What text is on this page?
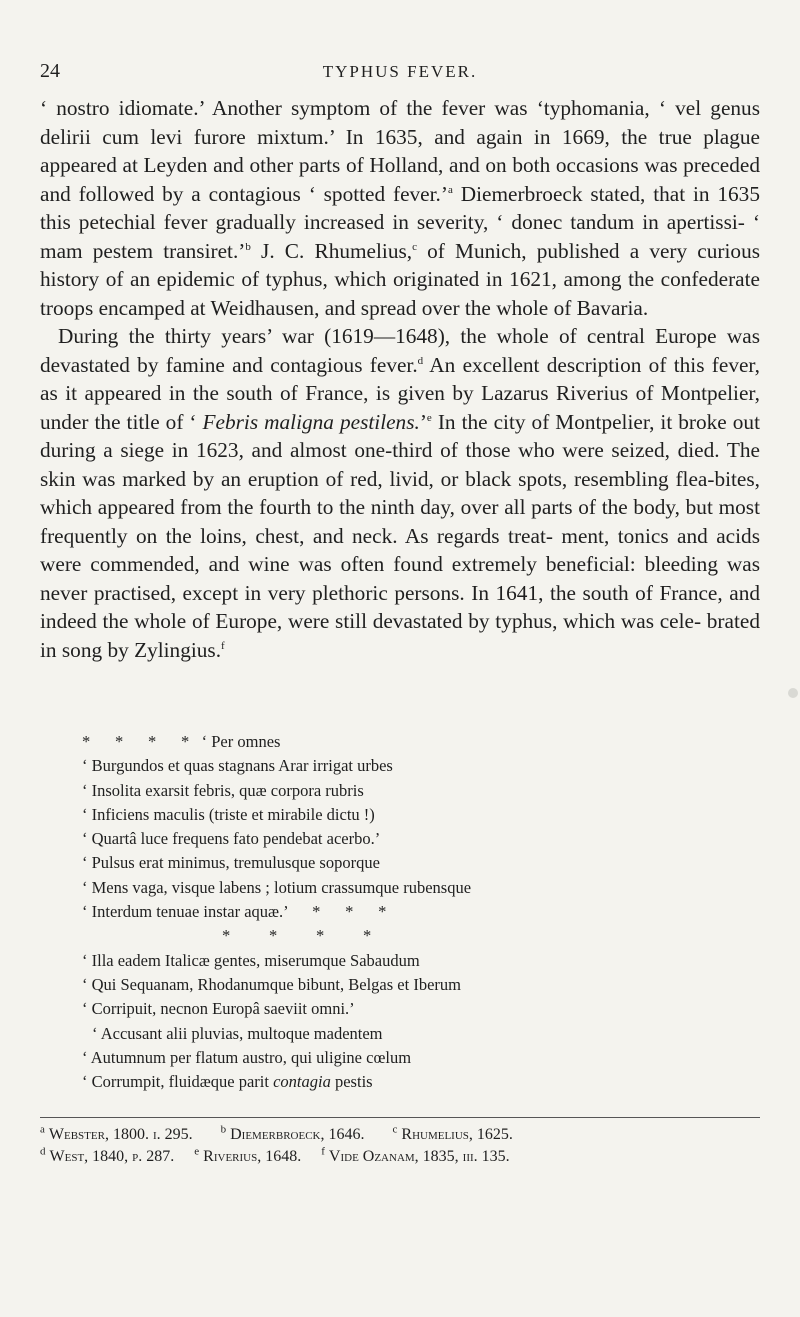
24	TYPHUS FEVER.

‘ nostro idiomate.’ Another symptom of the fever was ‘typhomania, ‘ vel genus delirii cum levi furore mixtum.’ In 1635, and again in 1669, the true plague appeared at Leyden and other parts of Holland, and on both occasions was preceded and followed by a contagious ‘ spotted fever.’$^a$ Diemerbroeck stated, that in 1635 this petechial fever gradually increased in severity, ‘ donec tandum in apertissi- ‘ mam pestem transiret.’$^b$ J. C. Rhumelius,$^c$ of Munich, published a very curious history of an epidemic of typhus, which originated in 1621, among the confederate troops encamped at Weidhausen, and spread over the whole of Bavaria.

During the thirty years’ war (1619—1648), the whole of central Europe was devastated by famine and contagious fever.$^d$ An excellent description of this fever, as it appeared in the south of France, is given by Lazarus Riverius of Montpelier, under the title of ‘ Febris maligna pestilens.’$^e$ In the city of Montpelier, it broke out during a siege in 1623, and almost one-third of those who were seized, died. The skin was marked by an eruption of red, livid, or black spots, resembling flea-bites, which appeared from the fourth to the ninth day, over all parts of the body, but most frequently on the loins, chest, and neck. As regards treat- ment, tonics and acids were commended, and wine was often found extremely beneficial: bleeding was never practised, except in very plethoric persons. In 1641, the south of France, and indeed the whole of Europe, were still devastated by typhus, which was cele- brated in song by Zylingius.$^f$

*      *      *      *   ‘ Per omnes
‘ Burgundos et quas stagnans Arar irrigat urbes
‘ Insolita exarsit febris, quæ corpora rubris
‘ Inficiens maculis (triste et mirabile dictu !)
‘ Quartâ luce frequens fato pendebat acerbo.’
‘ Pulsus erat minimus, tremulusque soporque
‘ Mens vaga, visque labens ; lotium crassumque rubensque
‘ Interdum tenuae instar aquæ.’      *      *      *
*      *      *      *
‘ Illa eadem Italicæ gentes, miserumque Sabaudum
‘ Qui Sequanam, Rhodanumque bibunt, Belgas et Iberum
‘ Corripuit, necnon Europâ saeviit omni.’
‘ Accusant alii pluvias, multoque madentem
‘ Autumnum per flatum austro, qui uligine cœlum
‘ Corrumpit, fluidæque parit contagia pestis
$^a$ Webster, 1800. i. 295.	$^b$ Diemerbroeck, 1646.	$^c$ Rhumelius, 1625.
$^d$ West, 1840, p. 287. $^e$ Riverius, 1648. $^f$ Vide Ozanam, 1835, iii. 135.
